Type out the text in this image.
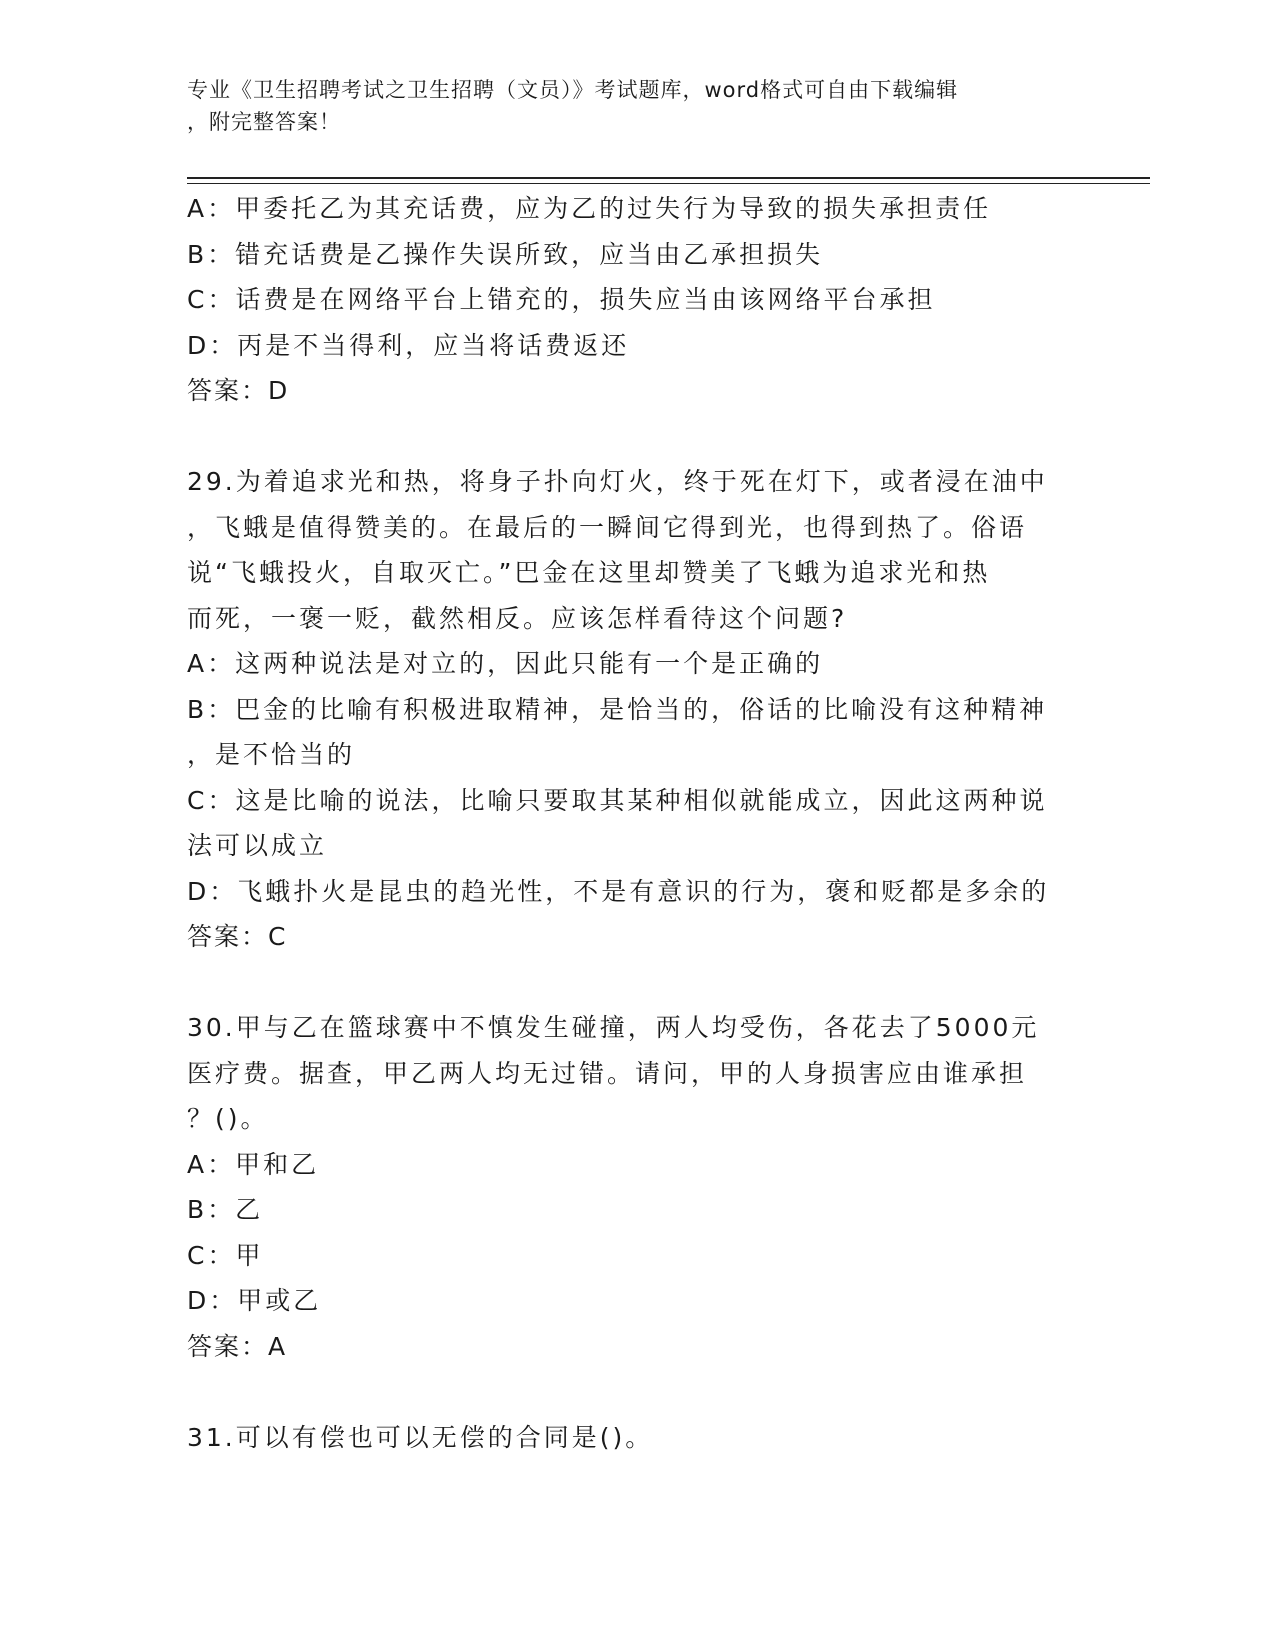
专业《卫生招聘考试之卫生招聘（文员）》考试题库，word格式可自由下载编辑
，附完整答案！
A：甲委托乙为其充话费，应为乙的过失行为导致的损失承担责任
B：错充话费是乙操作失误所致，应当由乙承担损失
C：话费是在网络平台上错充的，损失应当由该网络平台承担
D：丙是不当得利，应当将话费返还
答案：D
29.为着追求光和热，将身子扑向灯火，终于死在灯下，或者浸在油中
，飞蛾是值得赞美的。在最后的一瞬间它得到光，也得到热了。俗语
说“飞蛾投火，自取灭亡。”巴金在这里却赞美了飞蛾为追求光和热
而死，一褒一贬，截然相反。应该怎样看待这个问题?
A：这两种说法是对立的，因此只能有一个是正确的
B：巴金的比喻有积极进取精神，是恰当的，俗话的比喻没有这种精神
，是不恰当的
C：这是比喻的说法，比喻只要取其某种相似就能成立，因此这两种说
法可以成立
D：飞蛾扑火是昆虫的趋光性，不是有意识的行为，褒和贬都是多余的
答案：C
30.甲与乙在篮球赛中不慎发生碰撞，两人均受伤，各花去了5000元
医疗费。据查，甲乙两人均无过错。请问，甲的人身损害应由谁承担
？()。
A：甲和乙
B：乙
C：甲
D：甲或乙
答案：A
31.可以有偿也可以无偿的合同是()。
